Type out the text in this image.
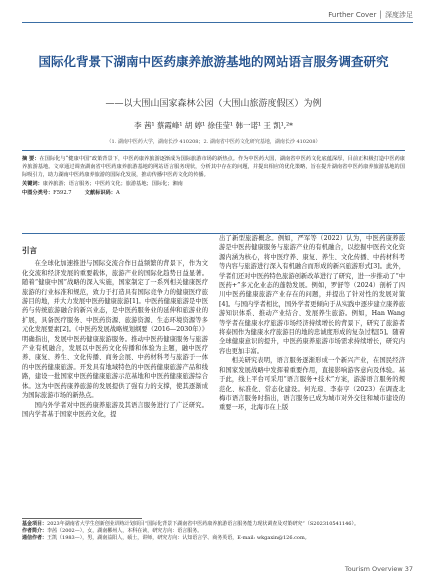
Further Cover │ 深度涉足
国际化背景下湖南中医药康养旅游基地的网站语言服务调查研究
——以大围山国家森林公园（大围山旅游度假区）为例
李 茜¹ 蔡霞峰¹ 胡 婷¹ 徐佳莹¹ 韩一诺¹ 王 凯¹,²*
（1. 湖南中医药大学，湖南长沙 410208；2. 湖南省中医药文化研究基地，湖南长沙 410208）
摘 要：在国际化与“健康中国”政策背景下，中医药康养旅游逐渐成为国际旅游市场的新热点。作为中医药大国，湖南省中医药文化底蕴深厚，目前正积极打造中医药康养旅游基地。文章通过调查湖南省中医药康养旅游基地的网站语言服务现状，分析其中存在的问题，并提出相应的优化策略，旨在提升湖南省中医药康养旅游基地的国际吸引力，助力湖南中医药康养旅游的国际化发展，推动传播中医药文化的传播。
关键词：康养旅游；语言服务；中医药文化；旅游基地；国际化；湘南
中图分类号：F592.7	文献标识码：A
引言

在全球化加速推进与国际交流合作日益频繁的背景下，作为文化交流和经济发展的重要载体，旅游产业的国际化趋势日益显著。随着“健康中国”战略的深入实施，国家制定了一系列相关健康医疗旅游的行业标准和规范，致力于打造具有国际竞争力的健康医疗旅游目的地，并大力发展中医药健康旅游[1]。中医药健康旅游是中医药与传统旅游融合的新兴业态，是中医药服务业的延伸和旅游业的扩展，具备医疗服务、中医药资源、旅游资源、生态环境资源等多元化发展要素[2]。《中医药发展战略规划纲要（2016—2030年）》明确指出，发展中医药健康旅游服务。推动中医药健康服务与旅游产业有机融合，发展以中医药文化传播和体验为主题，融中医疗养、康复、养生、文化传播、商务会展、中药材科考与旅游于一体的中医药健康旅游。开发具有地域特色的中医药健康旅游产品和线路，建设一批国家中医药健康旅游示范基地和中医药健康旅游综合体。这为中医药康养旅游的发展提供了强有力的支撑，使其逐渐成为国际旅游市场的新热点。

国内外学者对中医药康养旅游及其语言服务进行了广泛研究。国内学者基于国家中医药文化，提

出了新型旅游概念。例如，严军等（2022）认为，中医药康养旅游是中医药健康服务与旅游产业的有机融合，以挖掘中医药文化资源内涵为核心，将中医疗养、康复、养生、文化传播、中药材科考等内容与旅游进行深入有机融合而形成的新兴旅游形式[3]。此外，学者们还对中医药特色旅游创新改革进行了研究，进一步推动了“中医药+”多元化业态的蓬勃发展。例如，罗舒等（2024）剖析了四川中医药健康旅游产业存在的问题，并提出了针对性的发展对策[4]。与国内学者相比，国外学者更倾向于从实践中逐步建立康养旅游知识体系、推动产业结合、发展养生旅游。例如，Han Wang 等学者在健康水疗旅游市场经济持续增长的背景下，研究了旅游者将泰国作为健康水疗旅游目的地的忠诚度形成的复杂过程[5]。随着全球健康意识的提升，中医药康养旅游市场需求持续增长，研究内容也更加丰富。

相关研究表明，语言服务逐渐形成一个新兴产业，在国民经济和国家发展战略中发挥着重要作用，直接影响游客意向及体验。基于此，线上平台可采用“语言服务+技术”方案，游游语言服务的规范化、标准化、常态化建设。何光琼、李泰亨（2023）在调查北梅市语言服务时指出，语言服务已成为城市对外交往和城市建设的重要一环，北海市在上版

基金项目：2023年湖南省大学生创新创业训练计划项目“国际化背景下湖南省中医药康养旅游语言服务能力现状调查及对策研究”（S202310541146）。
作者简介：李茜（2002—），女，湖南郴州人，本科在读，研究方向：语言服务。
通信作者：王凯（1983—），男，湖南益阳人，硕士，讲师，研究方向：认知语言学、商务英语，E-mail: wkgaxin@126.com。
Tourism Overview 37
